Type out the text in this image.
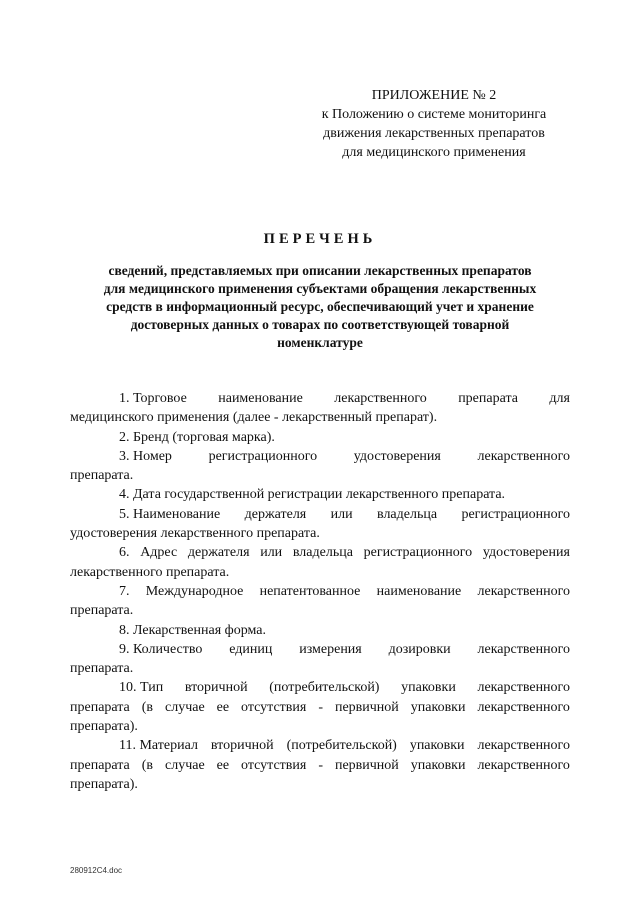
ПРИЛОЖЕНИЕ № 2
к Положению о системе мониторинга
движения лекарственных препаратов
для медицинского применения
ПЕРЕЧЕНЬ
сведений, представляемых при описании лекарственных препаратов
для медицинского применения субъектами обращения лекарственных
средств в информационный ресурс, обеспечивающий учет и хранение
достоверных данных о товарах по соответствующей товарной
номенклатуре
1. Торговое наименование лекарственного препарата для
медицинского применения (далее - лекарственный препарат).
2. Бренд (торговая марка).
3. Номер	регистрационного	удостоверения	лекарственного
препарата.
4. Дата государственной регистрации лекарственного препарата.
5. Наименование держателя или владельца регистрационного
удостоверения лекарственного препарата.
6. Адрес держателя или владельца регистрационного удостоверения
лекарственного препарата.
7. Международное непатентованное наименование лекарственного
препарата.
8. Лекарственная форма.
9. Количество единиц измерения дозировки лекарственного
препарата.
10. Тип вторичной (потребительской) упаковки лекарственного
препарата (в случае ее отсутствия - первичной упаковки лекарственного
препарата).
11. Материал вторичной (потребительской) упаковки лекарственного
препарата (в случае ее отсутствия - первичной упаковки лекарственного
препарата).
280912С4.doc
